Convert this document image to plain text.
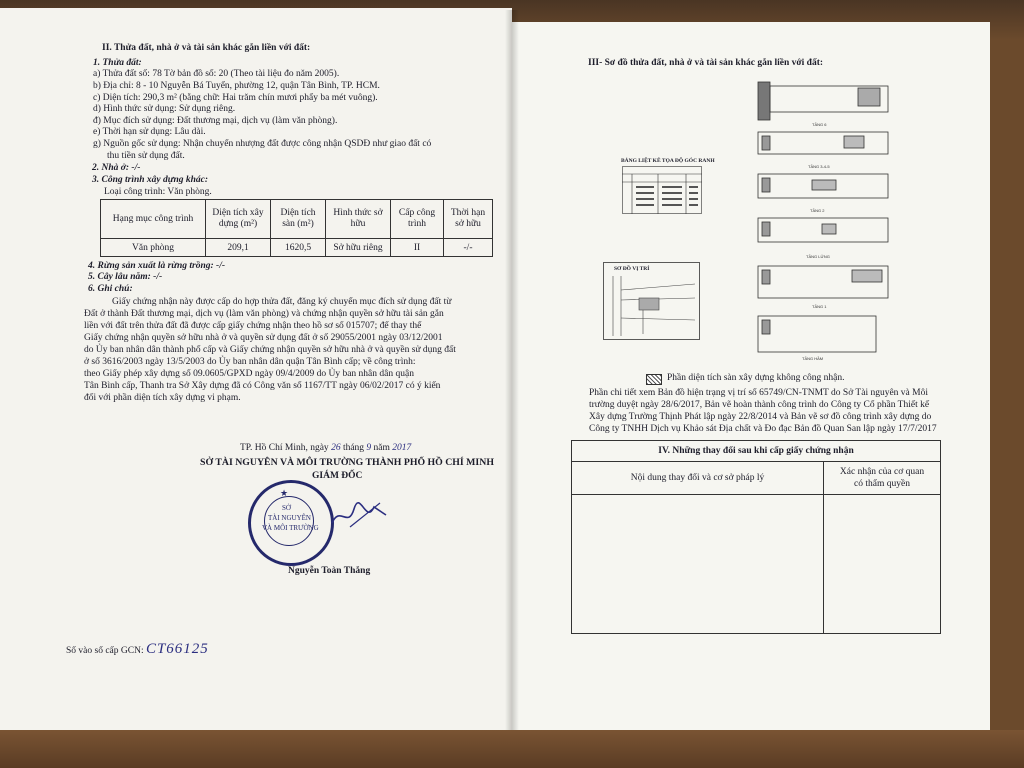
II. Thửa đất, nhà ở và tài sản khác gắn liền với đất:
1. Thửa đất:
a) Thửa đất số: 78 Tờ bản đồ số: 20 (Theo tài liệu đo năm 2005).
b) Địa chỉ: 8 - 10 Nguyễn Bá Tuyển, phường 12, quận Tân Bình, TP. HCM.
c) Diện tích: 290,3 m² (bằng chữ: Hai trăm chín mươi phẩy ba mét vuông).
d) Hình thức sử dụng: Sử dụng riêng.
đ) Mục đích sử dụng: Đất thương mại, dịch vụ (làm văn phòng).
e) Thời hạn sử dụng: Lâu dài.
g) Nguồn gốc sử dụng: Nhận chuyển nhượng đất được công nhận QSDĐ như giao đất có
thu tiền sử dụng đất.
2. Nhà ở: -/-
3. Công trình xây dựng khác:
Loại công trình: Văn phòng.
Hạng mục công trình	Diện tích xây dựng (m²)	Diện tích sàn (m²)	Hình thức sở hữu	Cấp công trình	Thời hạn sở hữu
Văn phòng	209,1	1620,5	Sở hữu riêng	II	-/-
4. Rừng sản xuất là rừng trồng: -/-
5. Cây lâu năm: -/-
6. Ghi chú:
Giấy chứng nhận này được cấp do hợp thửa đất, đăng ký chuyển mục đích sử dụng đất từ
Đất ở thành Đất thương mại, dịch vụ (làm văn phòng) và chứng nhận quyền sở hữu tài sản gắn
liền với đất trên thửa đất đã được cấp giấy chứng nhận theo hồ sơ số 015707; để thay thế
Giấy chứng nhận quyền sở hữu nhà ở và quyền sử dụng đất ở số 29055/2001 ngày 03/12/2001
do Ủy ban nhân dân thành phố cấp và Giấy chứng nhận quyền sở hữu nhà ở và quyền sử dụng đất
ở số 3616/2003 ngày 13/5/2003 do Ủy ban nhân dân quận Tân Bình cấp; về công trình:
theo Giấy phép xây dựng số 09.0605/GPXD ngày 09/4/2009 do Ủy ban nhân dân quận
Tân Bình cấp, Thanh tra Sở Xây dựng đã có Công văn số 1167/TT ngày 06/02/2017 có ý kiến
đối với phần diện tích xây dựng vi phạm.
TP. Hồ Chí Minh, ngày 26 tháng 9 năm 2017
SỞ TÀI NGUYÊN VÀ MÔI TRƯỜNG THÀNH PHỐ HỒ CHÍ MINH
GIÁM ĐỐC
★
SỞ
TÀI NGUYÊN
VÀ MÔI TRƯỜNG
Nguyễn Toàn Thắng
Số vào sổ cấp GCN: CT66125
III- Sơ đồ thửa đất, nhà ở và tài sản khác gắn liền với đất:
TẦNG 6
TẦNG 3-4-5
TẦNG 2
TẦNG LỬNG
TẦNG 1
TẦNG HẦM
BẢNG LIỆT KÊ TỌA ĐỘ GÓC RANH
SƠ ĐỒ VỊ TRÍ
Phần diện tích sàn xây dựng không công nhận.
Phần chi tiết xem Bản đồ hiện trạng vị trí số 65749/CN-TNMT do Sở Tài nguyên và Môi
trường duyệt ngày 28/6/2017, Bản vẽ hoàn thành công trình do Công ty Cổ phần Thiết kế
Xây dựng Trường Thịnh Phát lập ngày 22/8/2014 và Bản vẽ sơ đồ công trình xây dựng do
Công ty TNHH Dịch vụ Khảo sát Địa chất và Đo đạc Bản đồ Quan San lập ngày 17/7/2017
IV. Những thay đổi sau khi cấp giấy chứng nhận	
Nội dung thay đổi và cơ sở pháp lý	Xác nhận của cơ quan
có thẩm quyền
